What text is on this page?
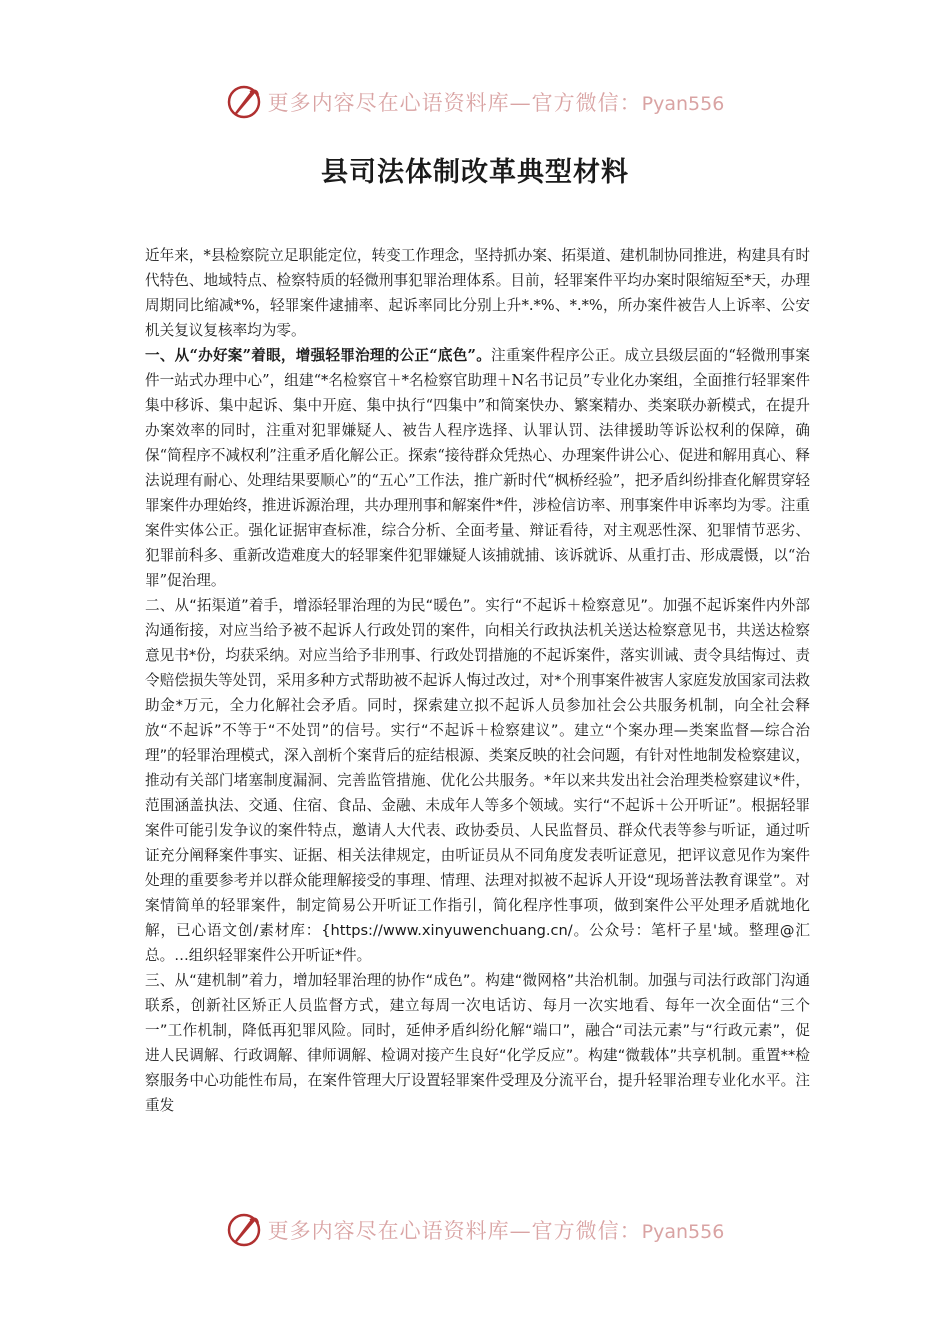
更多内容尽在心语资料库—官方微信：Pyan556
县司法体制改革典型材料

近年来，*县检察院立足职能定位，转变工作理念，坚持抓办案、拓渠道、建机制协同推进，构建具有时代特色、地域特点、检察特质的轻微刑事犯罪治理体系。目前，轻罪案件平均办案时限缩短至*天，办理周期同比缩减*%，轻罪案件逮捕率、起诉率同比分别上升*.*%、*.*%，所办案件被告人上诉率、公安机关复议复核率均为零。

一、从“办好案”着眼，增强轻罪治理的公正“底色”。注重案件程序公正。成立县级层面的“轻微刑事案件一站式办理中心”，组建“*名检察官＋*名检察官助理＋N名书记员”专业化办案组，全面推行轻罪案件集中移诉、集中起诉、集中开庭、集中执行“四集中”和简案快办、繁案精办、类案联办新模式，在提升办案效率的同时，注重对犯罪嫌疑人、被告人程序选择、认罪认罚、法律援助等诉讼权利的保障，确保“简程序不减权利”注重矛盾化解公正。探索“接待群众凭热心、办理案件讲公心、促进和解用真心、释法说理有耐心、处理结果要顺心”的“五心”工作法，推广新时代“枫桥经验”，把矛盾纠纷排查化解贯穿轻罪案件办理始终，推进诉源治理，共办理刑事和解案件*件，涉检信访率、刑事案件申诉率均为零。注重案件实体公正。强化证据审查标准，综合分析、全面考量、辩证看待，对主观恶性深、犯罪情节恶劣、犯罪前科多、重新改造难度大的轻罪案件犯罪嫌疑人该捕就捕、该诉就诉、从重打击、形成震慑，以“治罪”促治理。

二、从“拓渠道”着手，增添轻罪治理的为民“暖色”。实行“不起诉＋检察意见”。加强不起诉案件内外部沟通衔接，对应当给予被不起诉人行政处罚的案件，向相关行政执法机关送达检察意见书，共送达检察意见书*份，均获采纳。对应当给予非刑事、行政处罚措施的不起诉案件，落实训诫、责令具结悔过、责令赔偿损失等处罚，采用多种方式帮助被不起诉人悔过改过，对*个刑事案件被害人家庭发放国家司法救助金*万元，全力化解社会矛盾。同时，探索建立拟不起诉人员参加社会公共服务机制，向全社会释放“不起诉”不等于“不处罚”的信号。实行“不起诉＋检察建议”。建立“个案办理—类案监督—综合治理”的轻罪治理模式，深入剖析个案背后的症结根源、类案反映的社会问题，有针对性地制发检察建议，推动有关部门堵塞制度漏洞、完善监管措施、优化公共服务。*年以来共发出社会治理类检察建议*件，范围涵盖执法、交通、住宿、食品、金融、未成年人等多个领域。实行“不起诉＋公开听证”。根据轻罪案件可能引发争议的案件特点，邀请人大代表、政协委员、人民监督员、群众代表等参与听证，通过听证充分阐释案件事实、证据、相关法律规定，由听证员从不同角度发表听证意见，把评议意见作为案件处理的重要参考并以群众能理解接受的事理、情理、法理对拟被不起诉人开设“现场普法教育课堂”。对案情简单的轻罪案件，制定简易公开听证工作指引，简化程序性事项，做到案件公平处理矛盾就地化解，已心语文创/素材库：{https://www.xinyuwenchuang.cn/。公众号：笔杆子星'域。整理@汇总。…组织轻罪案件公开听证*件。

三、从“建机制”着力，增加轻罪治理的协作“成色”。构建“微网格”共治机制。加强与司法行政部门沟通联系，创新社区矫正人员监督方式，建立每周一次电话访、每月一次实地看、每年一次全面估“三个一”工作机制，降低再犯罪风险。同时，延伸矛盾纠纷化解“端口”，融合“司法元素”与“行政元素”，促进人民调解、行政调解、律师调解、检调对接产生良好“化学反应”。构建“微载体”共享机制。重置**检察服务中心功能性布局，在案件管理大厅设置轻罪案件受理及分流平台，提升轻罪治理专业化水平。注重发

更多内容尽在心语资料库—官方微信：Pyan556
